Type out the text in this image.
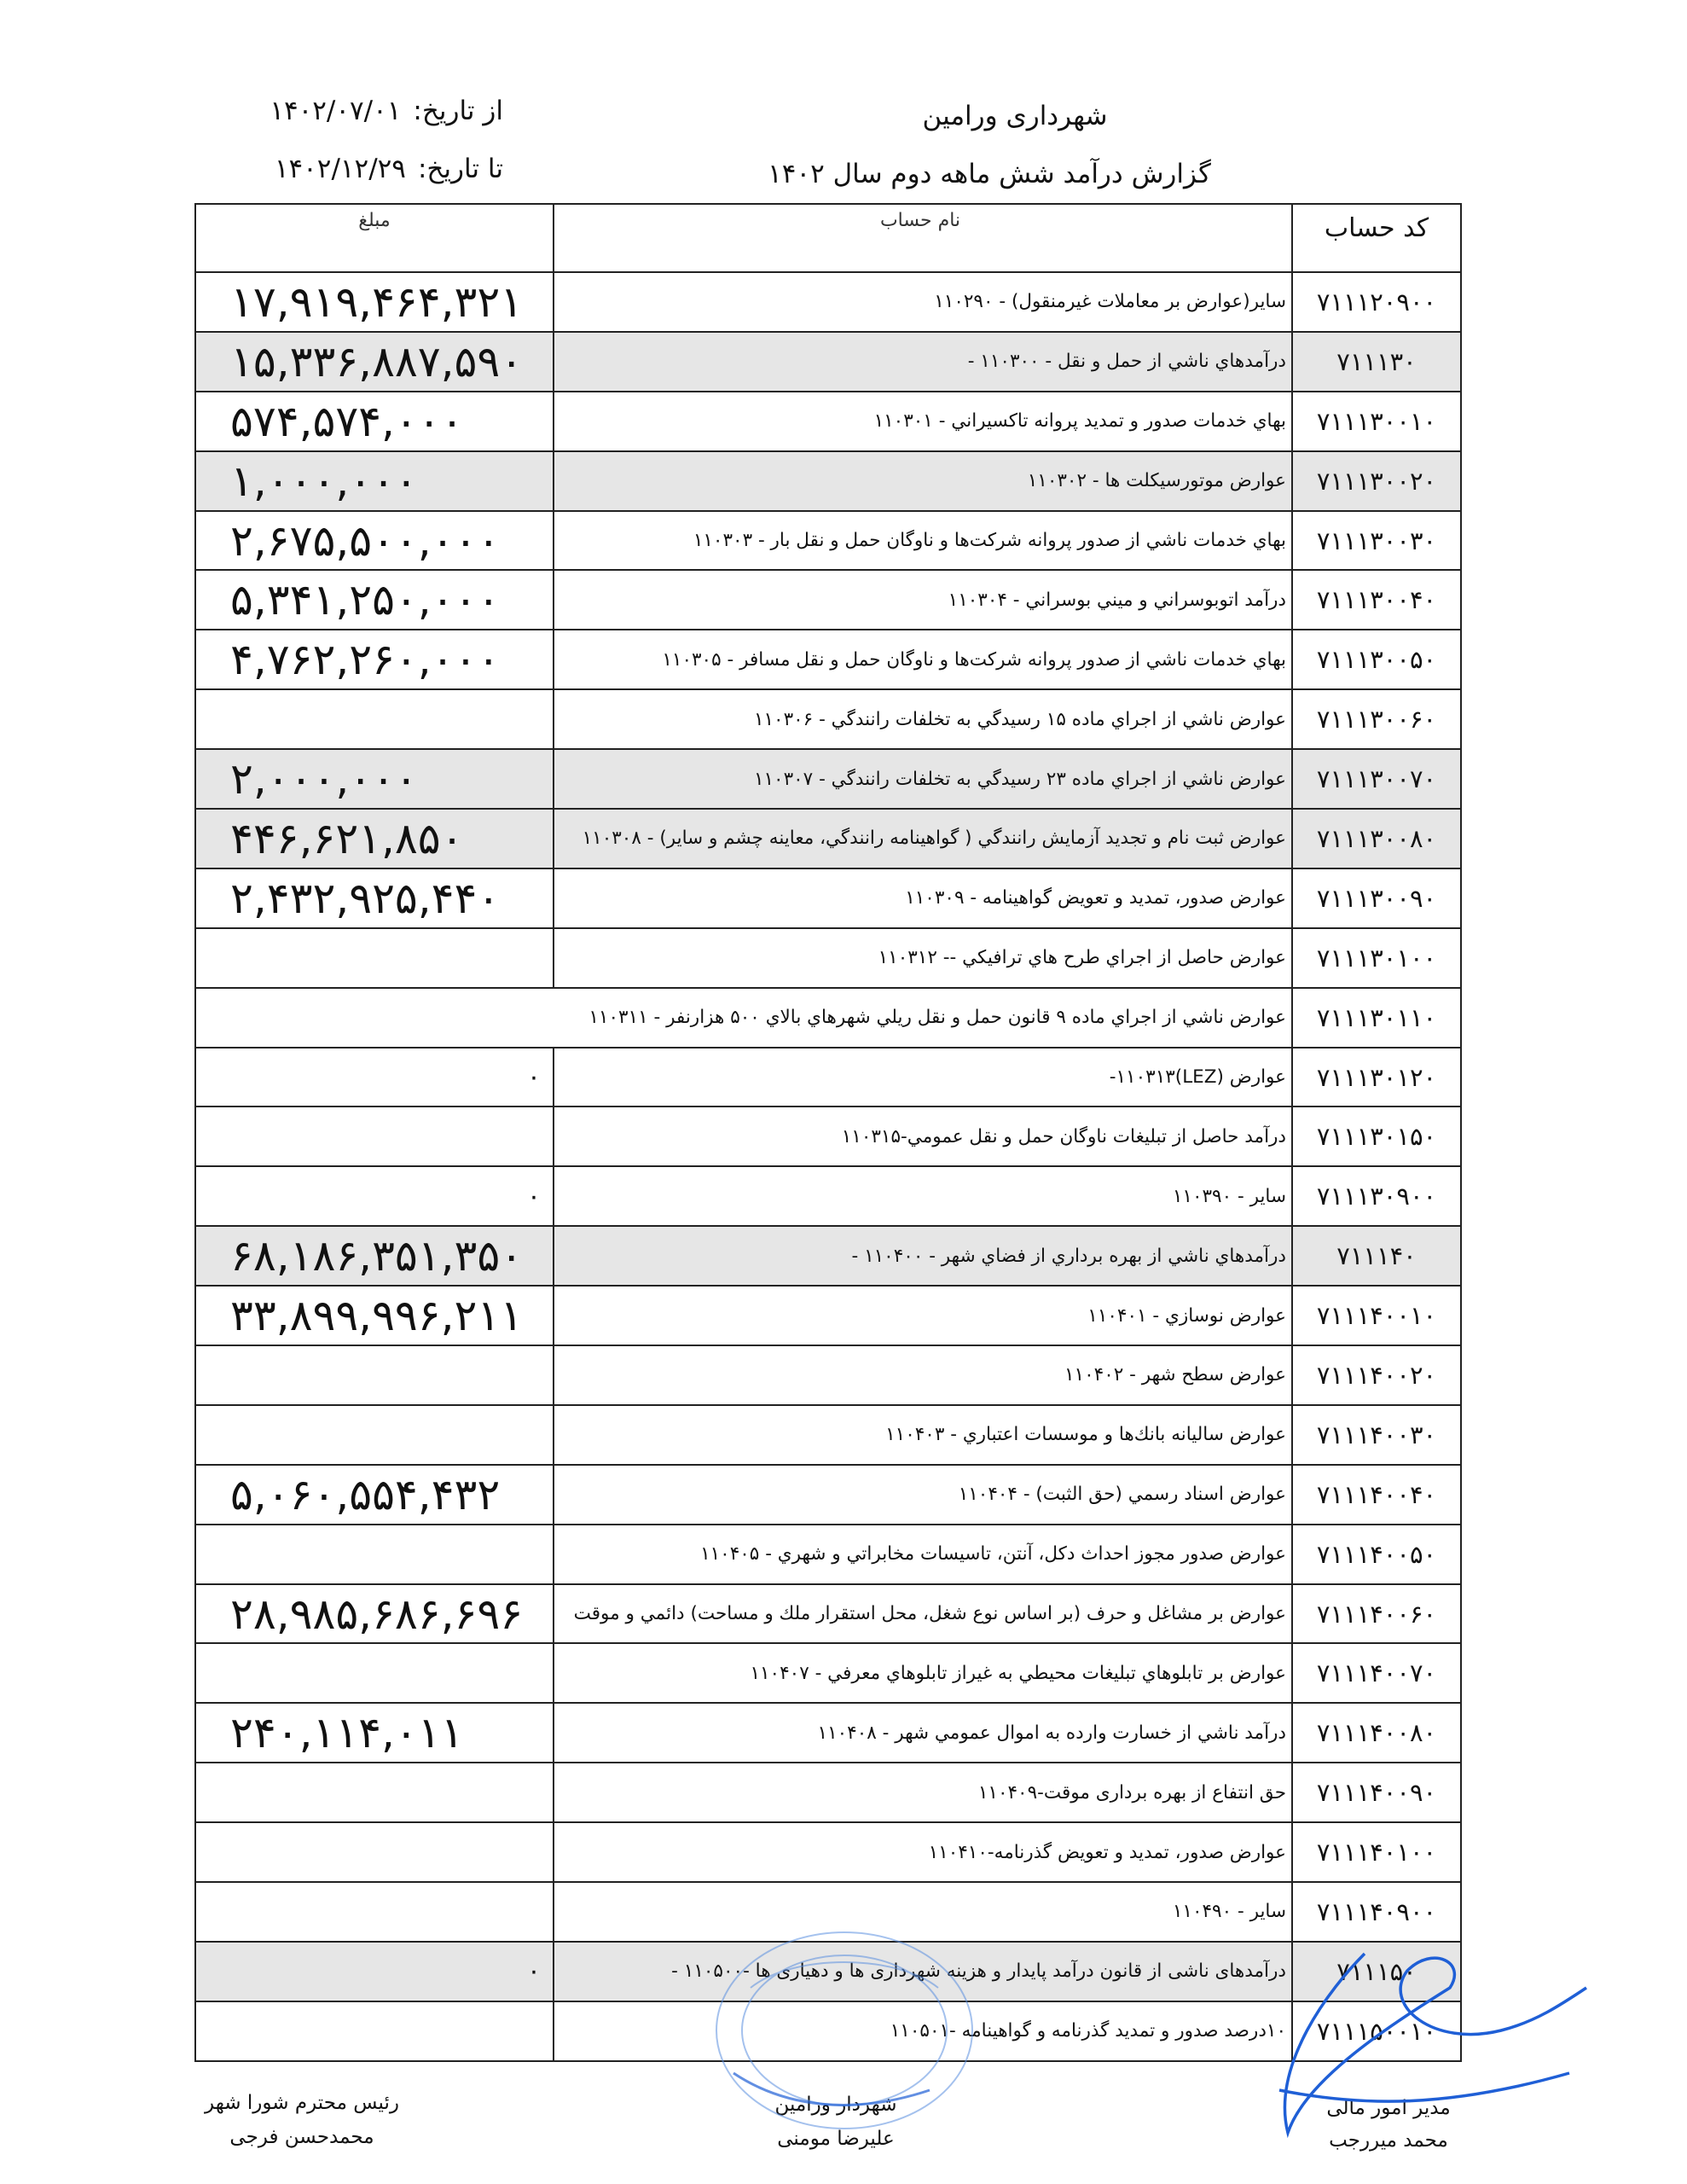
شهرداری ورامین
گزارش درآمد شش ماهه دوم سال ۱۴۰۲
از تاریخ:۱۴۰۲/۰۷/۰۱
تا تاریخ:۱۴۰۲/۱۲/۲۹
کد حساب	نام حساب	مبلغ
۷۱۱۱۲۰۹۰۰	سایر(عوارض بر معاملات غیرمنقول) - ۱۱۰۲۹۰	۱۷,۹۱۹,۴۶۴,۳۲۱
۷۱۱۱۳۰	درآمدهاي ناشي از حمل و نقل - ۱۱۰۳۰۰ -	۱۵,۳۳۶,۸۸۷,۵۹۰
۷۱۱۱۳۰۰۱۰	بهاي خدمات صدور و تمديد پروانه تاكسيراني - ۱۱۰۳۰۱	۵۷۴,۵۷۴,۰۰۰
۷۱۱۱۳۰۰۲۰	عوارض موتورسيكلت ها - ۱۱۰۳۰۲	۱,۰۰۰,۰۰۰
۷۱۱۱۳۰۰۳۰	بهاي خدمات ناشي از صدور پروانه شركت‌ها و ناوگان حمل و نقل بار - ۱۱۰۳۰۳	۲,۶۷۵,۵۰۰,۰۰۰
۷۱۱۱۳۰۰۴۰	درآمد اتوبوسراني و ميني بوسراني - ۱۱۰۳۰۴	۵,۳۴۱,۲۵۰,۰۰۰
۷۱۱۱۳۰۰۵۰	بهاي خدمات ناشي از صدور پروانه شركت‌ها و ناوگان حمل و نقل مسافر - ۱۱۰۳۰۵	۴,۷۶۲,۲۶۰,۰۰۰
۷۱۱۱۳۰۰۶۰	عوارض ناشي از اجراي ماده ۱۵ رسيدگي به تخلفات رانندگي - ۱۱۰۳۰۶	
۷۱۱۱۳۰۰۷۰	عوارض ناشي از اجراي ماده ۲۳ رسيدگي به تخلفات رانندگي - ۱۱۰۳۰۷	۲,۰۰۰,۰۰۰
۷۱۱۱۳۰۰۸۰	عوارض ثبت نام و تجديد آزمايش رانندگي ( گواهينامه رانندگي، معاينه چشم و ساير) - ۱۱۰۳۰۸	۴۴۶,۶۲۱,۸۵۰
۷۱۱۱۳۰۰۹۰	عوارض صدور، تمديد و تعويض گواهينامه - ۱۱۰۳۰۹	۲,۴۳۲,۹۲۵,۴۴۰
۷۱۱۱۳۰۱۰۰	عوارض حاصل از اجراي طرح هاي ترافيكي -- ۱۱۰۳۱۲	
۷۱۱۱۳۰۱۱۰	عوارض ناشي از اجراي ماده ۹ قانون حمل و نقل ريلي شهرهاي بالاي ۵۰۰ هزارنفر - ۱۱۰۳۱۱	
۷۱۱۱۳۰۱۲۰	عوارض (LEZ)۱۱۰۳۱۳-	۰
۷۱۱۱۳۰۱۵۰	درآمد حاصل از تبليغات ناوگان حمل و نقل عمومي-۱۱۰۳۱۵	
۷۱۱۱۳۰۹۰۰	ساير - ۱۱۰۳۹۰	۰
۷۱۱۱۴۰	درآمدهاي ناشي از بهره برداري از فضاي شهر - ۱۱۰۴۰۰ -	۶۸,۱۸۶,۳۵۱,۳۵۰
۷۱۱۱۴۰۰۱۰	عوارض نوسازي - ۱۱۰۴۰۱	۳۳,۸۹۹,۹۹۶,۲۱۱
۷۱۱۱۴۰۰۲۰	عوارض سطح شهر - ۱۱۰۴۰۲	
۷۱۱۱۴۰۰۳۰	عوارض ساليانه بانك‌ها و موسسات اعتباري - ۱۱۰۴۰۳	
۷۱۱۱۴۰۰۴۰	عوارض اسناد رسمي (حق الثبت) - ۱۱۰۴۰۴	۵,۰۶۰,۵۵۴,۴۳۲
۷۱۱۱۴۰۰۵۰	عوارض صدور مجوز احداث دكل، آنتن، تاسيسات مخابراتي و شهري - ۱۱۰۴۰۵	
۷۱۱۱۴۰۰۶۰	عوارض بر مشاغل و حرف (بر اساس نوع شغل، محل استقرار ملك و مساحت) دائمي و موقت	۲۸,۹۸۵,۶۸۶,۶۹۶
۷۱۱۱۴۰۰۷۰	عوارض بر تابلوهاي تبليغات محيطي به غيراز تابلوهاي معرفي - ۱۱۰۴۰۷	
۷۱۱۱۴۰۰۸۰	درآمد ناشي از خسارت وارده به اموال عمومي شهر - ۱۱۰۴۰۸	۲۴۰,۱۱۴,۰۱۱
۷۱۱۱۴۰۰۹۰	حق انتفاع از بهره برداری موقت-۱۱۰۴۰۹	
۷۱۱۱۴۰۱۰۰	عوارض صدور، تمدید و تعویض گذرنامه-۱۱۰۴۱۰	
۷۱۱۱۴۰۹۰۰	ساير - ۱۱۰۴۹۰	
۷۱۱۱۵۰	درآمدهای ناشی از قانون درآمد پایدار و هزینه شهرداری ها و دهیاری ها -۱۱۰۵۰۰ -	۰
۷۱۱۱۵۰۰۱۰	۱۰درصد صدور و تمدید گذرنامه و گواهینامه -۱۱۰۵۰۱	
رئیس محترم شورا شهر
محمدحسن فرجی
شهردار ورامین
علیرضا مومنی
مدیر امور مالی
محمد میررجب
